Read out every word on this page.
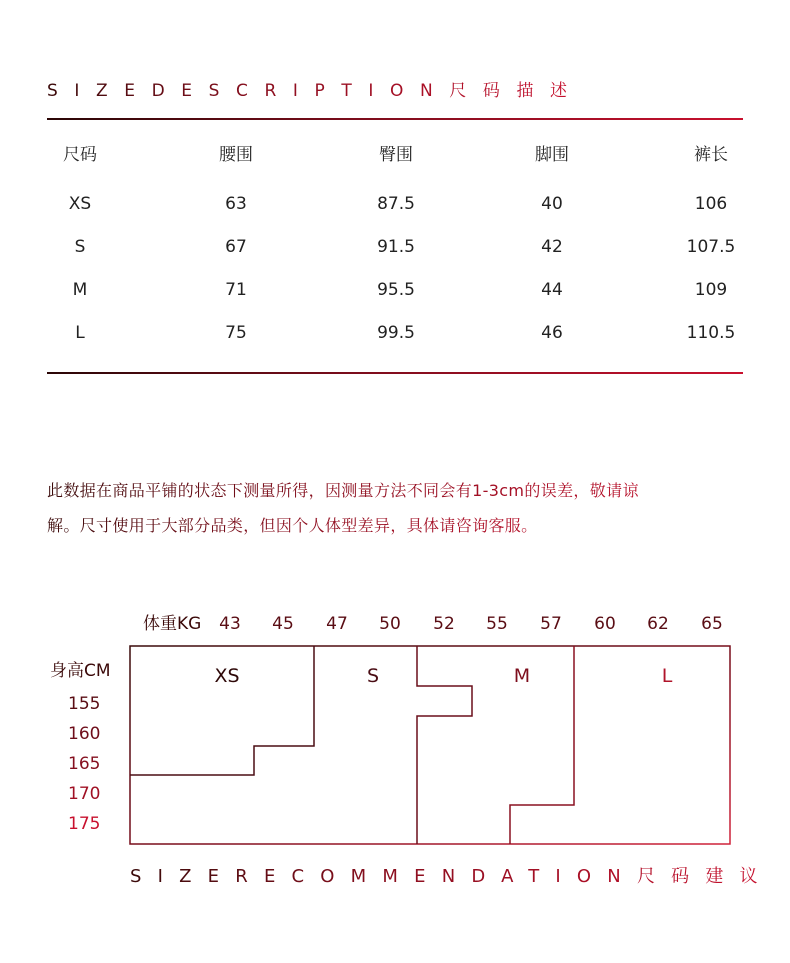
SIZEDESCRIPTION尺码描述
尺码	腰围	臀围	脚围	裤长
XS	63	87.5	40	106
S	67	91.5	42	107.5
M	71	95.5	44	109
L	75	99.5	46	110.5
此数据在商品平铺的状态下测量所得，因测量方法不同会有1-3cm的误差，敬请谅
解。尺寸使用于大部分品类，但因个人体型差异，具体请咨询客服。
体重KG	43	45	47	50	52	55	57	60	62	65
身高CM
155
160
165
170
175
XS	S	M	L
SIZERECOMMENDATION尺码建议
